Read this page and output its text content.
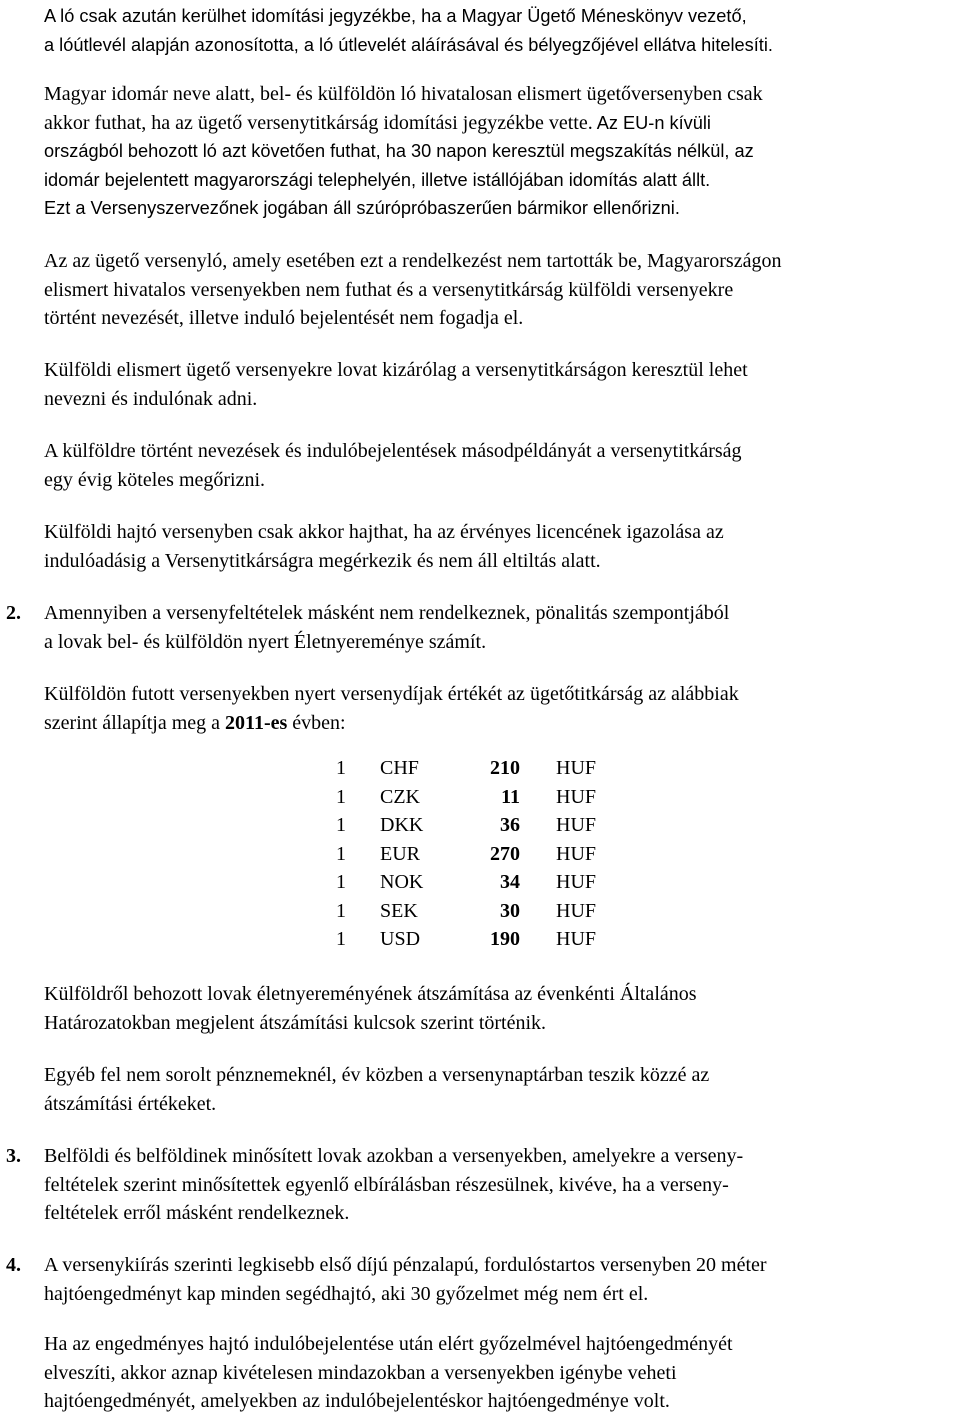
A ló csak azután kerülhet idomítási jegyzékbe, ha a Magyar Ügető Méneskönyv vezető,
a lóútlevél alapján azonosította, a ló útlevelét aláírásával és bélyegzőjével ellátva hitelesíti.
Magyar idomár neve alatt, bel- és külföldön ló hivatalosan elismert ügetőversenyben csak
akkor futhat, ha az ügető versenytitkárság idomítási jegyzékbe vette. Az EU-n kívüli
országból behozott ló azt követően futhat, ha 30 napon keresztül megszakítás nélkül, az
idomár bejelentett magyarországi telephelyén, illetve istállójában idomítás alatt állt.
Ezt a Versenyszervezőnek jogában áll szúrópróbaszerűen bármikor ellenőrizni.
Az az ügető versenyló, amely esetében ezt a rendelkezést nem tartották be, Magyarországon
elismert hivatalos versenyekben nem futhat és a versenytitkárság külföldi versenyekre
történt nevezését, illetve induló bejelentését nem fogadja el.
Külföldi elismert ügető versenyekre lovat kizárólag a versenytitkárságon keresztül lehet
nevezni és indulónak adni.
A külföldre történt nevezések és indulóbejelentések másodpéldányát a versenytitkárság
egy évig köteles megőrizni.
Külföldi hajtó versenyben csak akkor hajthat, ha az érvényes licencének igazolása az
indulóadásig a Versenytitkárságra megérkezik és nem áll eltiltás alatt.

2. Amennyiben a versenyfeltételek másként nem rendelkeznek, pönalitás szempontjából
a lovak bel- és külföldön nyert Életnyereménye számít.
Külföldön futott versenyekben nyert versenydíjak értékét az ügetőtitkárság az alábbiak
szerint állapítja meg a 2011-es évben:
1 CHF	210 HUF
1 CZK	11 HUF
1 DKK	36 HUF
1 EUR	270 HUF
1 NOK	34 HUF
1 SEK	30 HUF
1 USD	190 HUF
Külföldről behozott lovak életnyereményének átszámítása az évenkénti Általános
Határozatokban megjelent átszámítási kulcsok szerint történik.
Egyéb fel nem sorolt pénznemeknél, év közben a versenynaptárban teszik közzé az
átszámítási értékeket.

3. Belföldi és belföldinek minősített lovak azokban a versenyekben, amelyekre a verseny-
feltételek szerint minősítettek egyenlő elbírálásban részesülnek, kivéve, ha a verseny-
feltételek erről másként rendelkeznek.

4. A versenykiírás szerinti legkisebb első díjú pénzalapú, fordulóstartos versenyben 20 méter
hajtóengedményt kap minden segédhajtó, aki 30 győzelmet még nem ért el.
Ha az engedményes hajtó indulóbejelentése után elért győzelmével hajtóengedményét
elveszíti, akkor aznap kivételesen mindazokban a versenyekben igénybe veheti
hajtóengedményét, amelyekben az indulóbejelentéskor hajtóengedménye volt.
